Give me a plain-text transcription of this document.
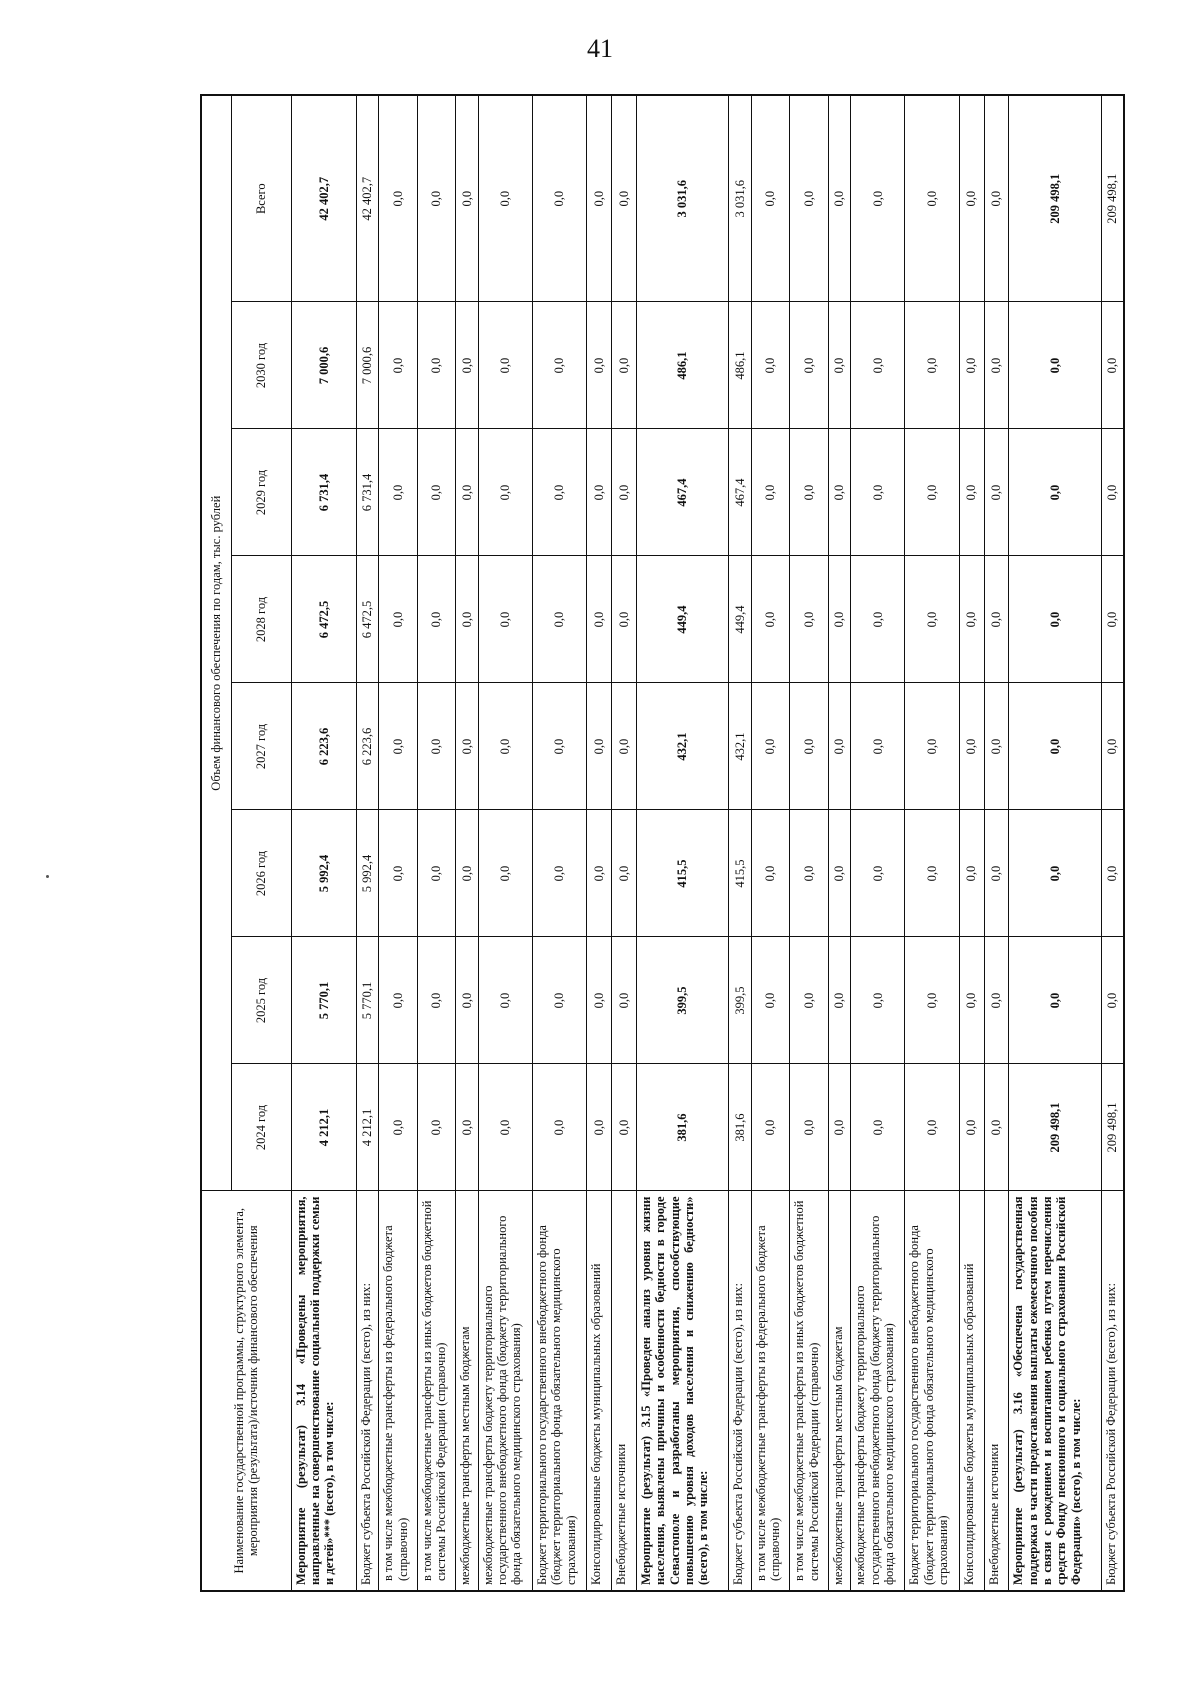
41
Наименование государственной программы, структурного элемента, мероприятия (результата)/источник финансового обеспечения	Объем финансового обеспечения по годам, тыс. рублей							
	2024 год	2025 год	2026 год	2027 год	2028 год	2029 год	2030 год	Всего
Мероприятие (результат) 3.14 «Проведены мероприятия, направленные на совершенствование социальной поддержки семьи и детей»*** (всего), в том числе:	4 212,1	5 770,1	5 992,4	6 223,6	6 472,5	6 731,4	7 000,6	42 402,7
Бюджет субъекта Российской Федерации (всего), из них:	4 212,1	5 770,1	5 992,4	6 223,6	6 472,5	6 731,4	7 000,6	42 402,7
в том числе межбюджетные трансферты из федерального бюджета (справочно)	0,0	0,0	0,0	0,0	0,0	0,0	0,0	0,0
в том числе межбюджетные трансферты из иных бюджетов бюджетной системы Российской Федерации (справочно)	0,0	0,0	0,0	0,0	0,0	0,0	0,0	0,0
межбюджетные трансферты местным бюджетам	0,0	0,0	0,0	0,0	0,0	0,0	0,0	0,0
межбюджетные трансферты бюджету территориального государственного внебюджетного фонда (бюджету территориального фонда обязательного медицинского страхования)	0,0	0,0	0,0	0,0	0,0	0,0	0,0	0,0
Бюджет территориального государственного внебюджетного фонда (бюджет территориального фонда обязательного медицинского страхования)	0,0	0,0	0,0	0,0	0,0	0,0	0,0	0,0
Консолидированные бюджеты муниципальных образований	0,0	0,0	0,0	0,0	0,0	0,0	0,0	0,0
Внебюджетные источники	0,0	0,0	0,0	0,0	0,0	0,0	0,0	0,0
Мероприятие (результат) 3.15 «Проведен анализ уровня жизни населения, выявлены причины и особенности бедности в городе Севастополе и разработаны мероприятия, способствующие повышению уровня доходов населения и снижению бедности» (всего), в том числе:	381,6	399,5	415,5	432,1	449,4	467,4	486,1	3 031,6
Бюджет субъекта Российской Федерации (всего), из них:	381,6	399,5	415,5	432,1	449,4	467,4	486,1	3 031,6
в том числе межбюджетные трансферты из федерального бюджета (справочно)	0,0	0,0	0,0	0,0	0,0	0,0	0,0	0,0
в том числе межбюджетные трансферты из иных бюджетов бюджетной системы Российской Федерации (справочно)	0,0	0,0	0,0	0,0	0,0	0,0	0,0	0,0
межбюджетные трансферты местным бюджетам	0,0	0,0	0,0	0,0	0,0	0,0	0,0	0,0
межбюджетные трансферты бюджету территориального государственного внебюджетного фонда (бюджету территориального фонда обязательного медицинского страхования)	0,0	0,0	0,0	0,0	0,0	0,0	0,0	0,0
Бюджет территориального государственного внебюджетного фонда (бюджет территориального фонда обязательного медицинского страхования)	0,0	0,0	0,0	0,0	0,0	0,0	0,0	0,0
Консолидированные бюджеты муниципальных образований	0,0	0,0	0,0	0,0	0,0	0,0	0,0	0,0
Внебюджетные источники	0,0	0,0	0,0	0,0	0,0	0,0	0,0	0,0
Мероприятие (результат) 3.16 «Обеспечена государственная поддержка в части предоставления выплаты ежемесячного пособия в связи с рождением и воспитанием ребенка путем перечисления средств Фонду пенсионного и социального страхования Российской Федерации» (всего), в том числе:	209 498,1	0,0	0,0	0,0	0,0	0,0	0,0	209 498,1
Бюджет субъекта Российской Федерации (всего), из них:	209 498,1	0,0	0,0	0,0	0,0	0,0	0,0	209 498,1
